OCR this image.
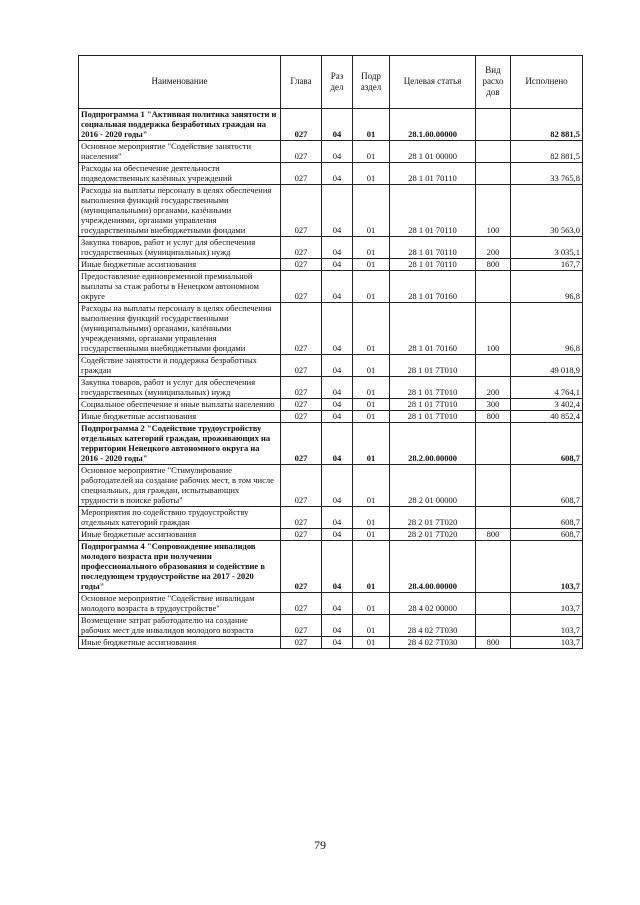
Наименование	Глава	Раз дел	Подр аздел	Целевая статья	Вид расхо дов	Исполнено
Подпрограмма 1 "Активная политика занятости и социальная поддержка безработных граждан на 2016 - 2020 годы"	027	04	01	28.1.00.00000		82 881,5
Основное мероприятие "Содействие занятости населения"	027	04	01	28 1 01 00000		82 881,5
Расходы на обеспечение деятельности подведомственных казённых учреждений	027	04	01	28 1 01 70110		33 765,8
Расходы на выплаты персоналу в целях обеспечения выполнения функций государственными (муниципальными) органами, казёнными учреждениями, органами управления государственными внебюджетными фондами	027	04	01	28 1 01 70110	100	30 563,0
Закупка товаров, работ и услуг для обеспечения государственных (муниципальных) нужд	027	04	01	28 1 01 70110	200	3 035,1
Иные бюджетные ассигнования	027	04	01	28 1 01 70110	800	167,7
Предоставление единовременной премиальной выплаты за стаж работы в Ненецком автономном округе	027	04	01	28 1 01 70160		96,8
Расходы на выплаты персоналу в целях обеспечения выполнения функций государственными (муниципальными) органами, казёнными учреждениями, органами управления государственными внебюджетными фондами	027	04	01	28 1 01 70160	100	96,8
Содействие занятости и поддержка безработных граждан	027	04	01	28 1 01 7Т010		49 018,9
Закупка товаров, работ и услуг для обеспечения государственных (муниципальных) нужд	027	04	01	28 1 01 7Т010	200	4 764,1
Социальное обеспечение и иные выплаты населению	027	04	01	28 1 01 7Т010	300	3 402,4
Иные бюджетные ассигнования	027	04	01	28 1 01 7Т010	800	40 852,4
Подпрограмма 2 "Содействие трудоустройству отдельных категорий граждан, проживающих на территории Ненецкого автономного округа на 2016 - 2020 годы"	027	04	01	28.2.00.00000		608,7
Основное мероприятие "Стимулирование работодателей на создание рабочих мест, в том числе специальных, для граждан, испытывающих трудности в поиске работы"	027	04	01	28 2 01 00000		608,7
Мероприятия по содействию трудоустройству отдельных категорий граждан	027	04	01	28 2 01 7Т020		608,7
Иные бюджетные ассигнования	027	04	01	28 2 01 7Т020	800	608,7
Подпрограмма 4 "Сопровождение инвалидов молодого возраста при получении профессионального образования и содействие в последующем трудоустройстве на 2017 - 2020 годы"	027	04	01	28.4.00.00000		103,7
Основное мероприятие "Содействие инвалидам молодого возраста в трудоустройстве"	027	04	01	28 4 02 00000		103,7
Возмещение затрат работодателю на создание рабочих мест для инвалидов молодого возраста	027	04	01	28 4 02 7Т030		103,7
Иные бюджетные ассигнования	027	04	01	28 4 02 7Т030	800	103,7
79
